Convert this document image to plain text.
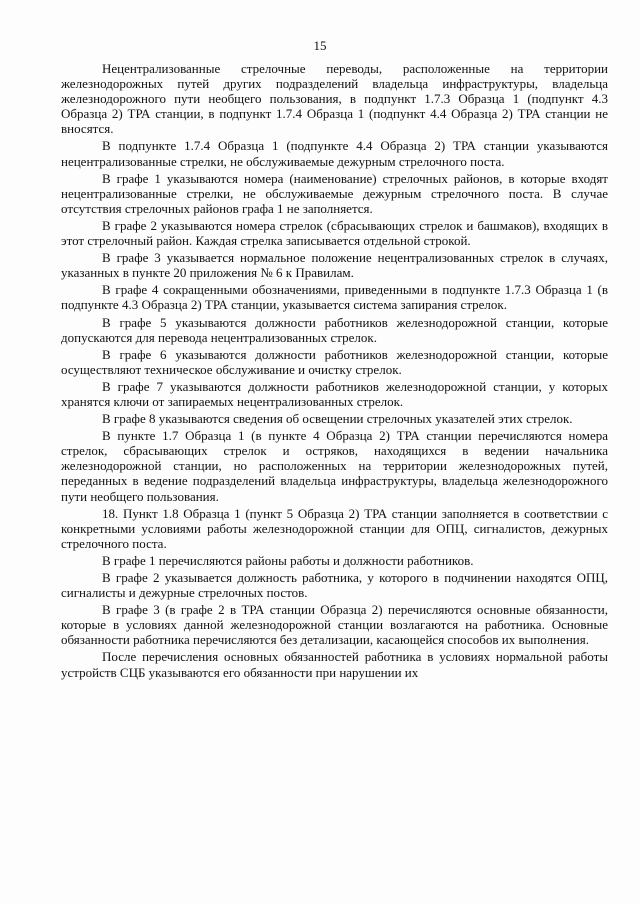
15

Нецентрализованные стрелочные переводы, расположенные на территории железнодорожных путей других подразделений владельца инфраструктуры, владельца железнодорожного пути необщего пользования, в подпункт 1.7.3 Образца 1 (подпункт 4.3 Образца 2) ТРА станции, в подпункт 1.7.4 Образца 1 (подпункт 4.4 Образца 2) ТРА станции не вносятся.

В подпункте 1.7.4 Образца 1 (подпункте 4.4 Образца 2) ТРА станции указываются нецентрализованные стрелки, не обслуживаемые дежурным стрелочного поста.

В графе 1 указываются номера (наименование) стрелочных районов, в которые входят нецентрализованные стрелки, не обслуживаемые дежурным стрелочного поста. В случае отсутствия стрелочных районов графа 1 не заполняется.

В графе 2 указываются номера стрелок (сбрасывающих стрелок и башмаков), входящих в этот стрелочный район. Каждая стрелка записывается отдельной строкой.

В графе 3 указывается нормальное положение нецентрализованных стрелок в случаях, указанных в пункте 20 приложения № 6 к Правилам.

В графе 4 сокращенными обозначениями, приведенными в подпункте 1.7.3 Образца 1 (в подпункте 4.3 Образца 2) ТРА станции, указывается система запирания стрелок.

В графе 5 указываются должности работников железнодорожной станции, которые допускаются для перевода нецентрализованных стрелок.

В графе 6 указываются должности работников железнодорожной станции, которые осуществляют техническое обслуживание и очистку стрелок.

В графе 7 указываются должности работников железнодорожной станции, у которых хранятся ключи от запираемых нецентрализованных стрелок.

В графе 8 указываются сведения об освещении стрелочных указателей этих стрелок.

В пункте 1.7 Образца 1 (в пункте 4 Образца 2) ТРА станции перечисляются номера стрелок, сбрасывающих стрелок и остряков, находящихся в ведении начальника железнодорожной станции, но расположенных на территории железнодорожных путей, переданных в ведение подразделений владельца инфраструктуры, владельца железнодорожного пути необщего пользования.

18. Пункт 1.8 Образца 1 (пункт 5 Образца 2) ТРА станции заполняется в соответствии с конкретными условиями работы железнодорожной станции для ОПЦ, сигналистов, дежурных стрелочного поста.

В графе 1 перечисляются районы работы и должности работников.

В графе 2 указывается должность работника, у которого в подчинении находятся ОПЦ, сигналисты и дежурные стрелочных постов.

В графе 3 (в графе 2 в ТРА станции Образца 2) перечисляются основные обязанности, которые в условиях данной железнодорожной станции возлагаются на работника. Основные обязанности работника перечисляются без детализации, касающейся способов их выполнения.

После перечисления основных обязанностей работника в условиях нормальной работы устройств СЦБ указываются его обязанности при нарушении их
